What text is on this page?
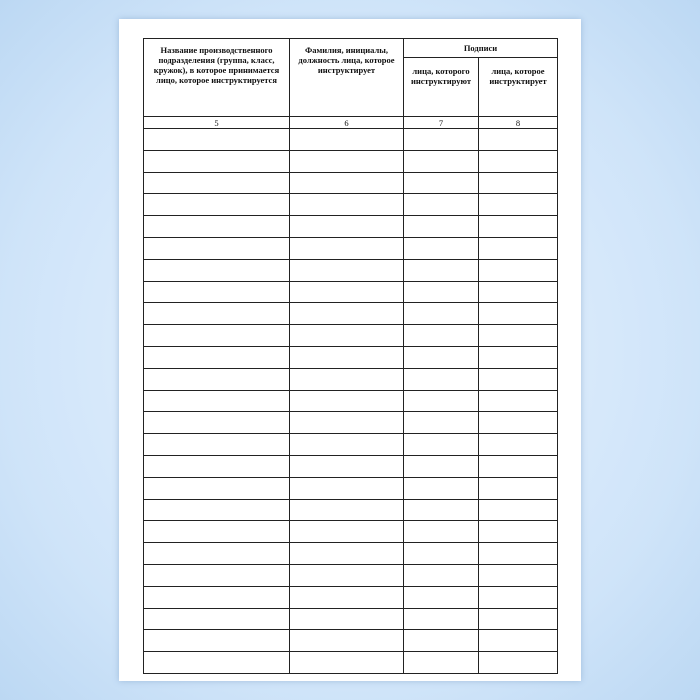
Название производственного подразделения (группа, класс, кружок), в которое принимается лицо, которое инструктируется	Фамилия, инициалы, должность лица, которое инструктирует	Подписи	
		лица, которого инструктируют	лица, которое инструктирует
5	6	7	8
